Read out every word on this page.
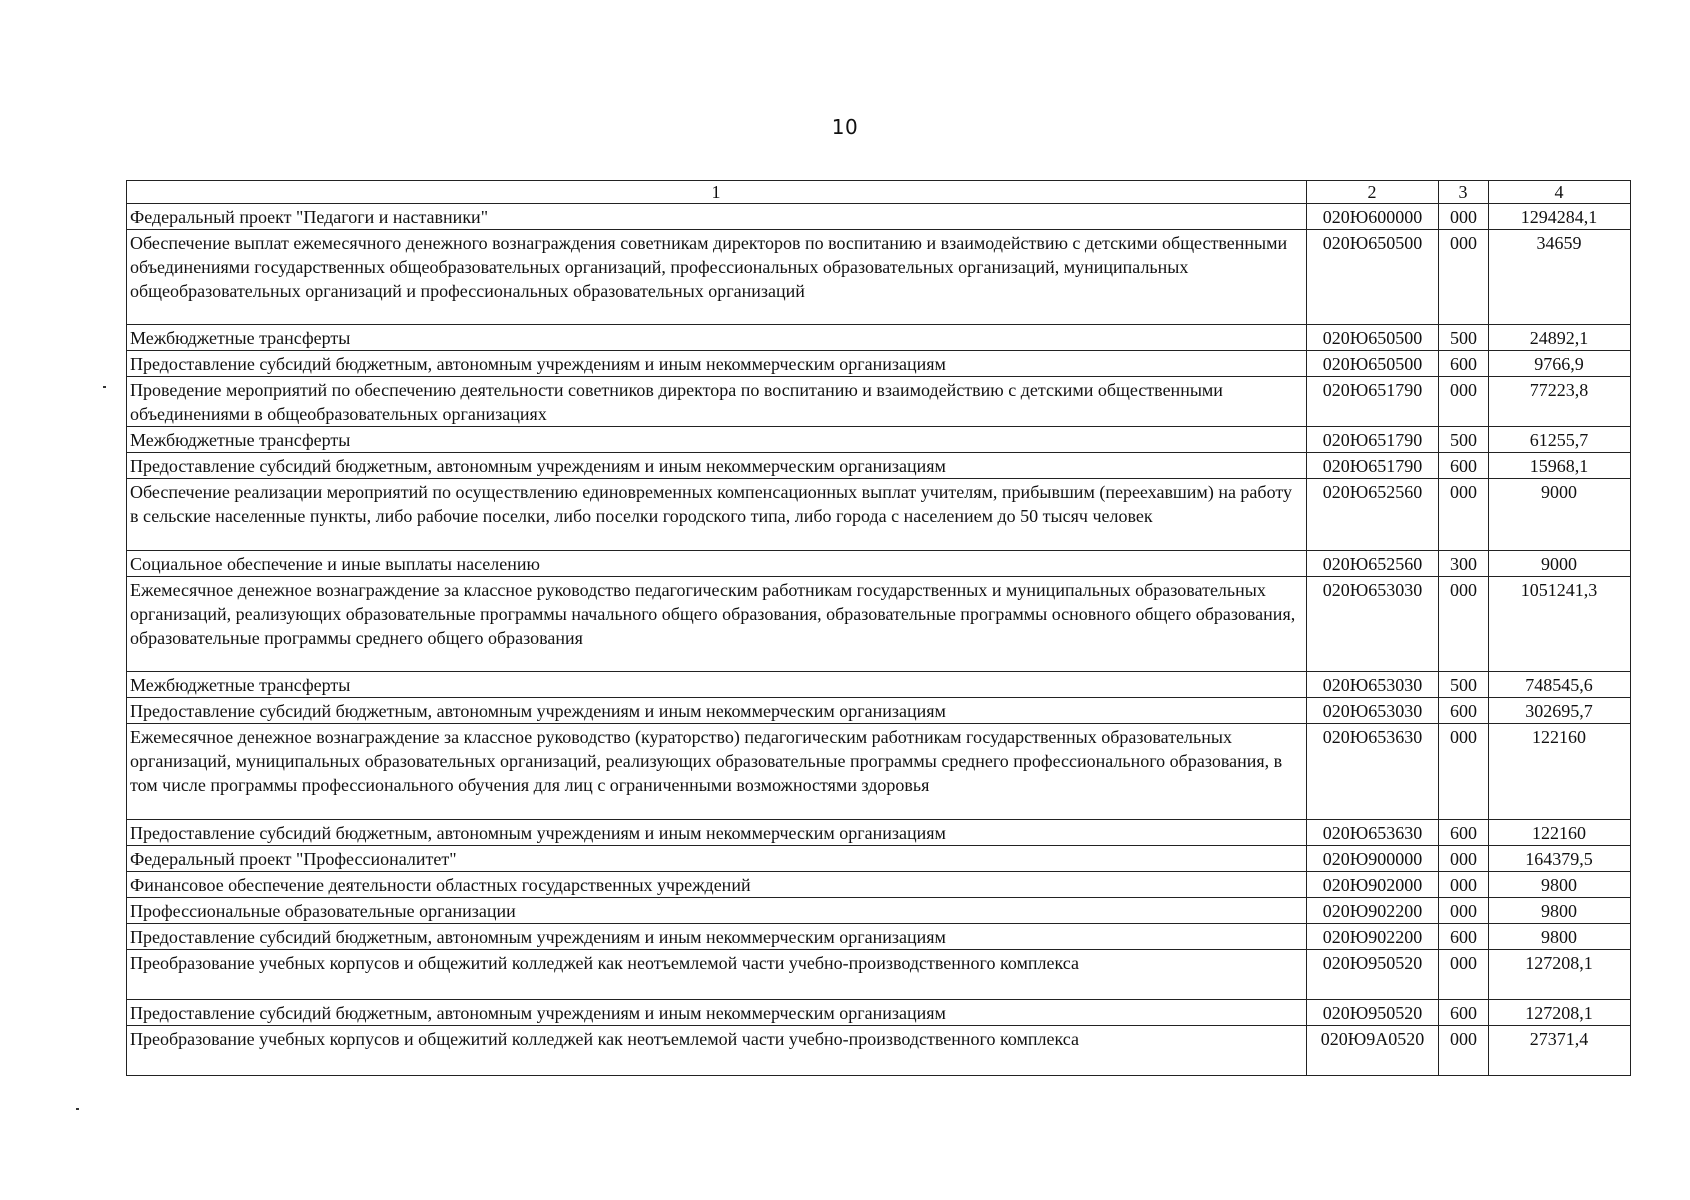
10
1	2	3	4
Федеральный проект "Педагоги и наставники"	020Ю600000	000	1294284,1
Обеспечение выплат ежемесячного денежного вознаграждения советникам директоров по воспитанию и взаимодействию с детскими общественными объединениями государственных общеобразовательных организаций, профессиональных образовательных организаций, муниципальных общеобразовательных организаций и профессиональных образовательных организаций	020Ю650500	000	34659
Межбюджетные трансферты	020Ю650500	500	24892,1
Предоставление субсидий бюджетным, автономным учреждениям и иным некоммерческим организациям	020Ю650500	600	9766,9
Проведение мероприятий по обеспечению деятельности советников директора по воспитанию и взаимодействию с детскими общественными объединениями в общеобразовательных организациях	020Ю651790	000	77223,8
Межбюджетные трансферты	020Ю651790	500	61255,7
Предоставление субсидий бюджетным, автономным учреждениям и иным некоммерческим организациям	020Ю651790	600	15968,1
Обеспечение реализации мероприятий по осуществлению единовременных компенсационных выплат учителям, прибывшим (переехавшим) на работу в сельские населенные пункты, либо рабочие поселки, либо поселки городского типа, либо города с населением до 50 тысяч человек	020Ю652560	000	9000
Социальное обеспечение и иные выплаты населению	020Ю652560	300	9000
Ежемесячное денежное вознаграждение за классное руководство педагогическим работникам государственных и муниципальных образовательных организаций, реализующих образовательные программы начального общего образования, образовательные программы основного общего образования, образовательные программы среднего общего образования	020Ю653030	000	1051241,3
Межбюджетные трансферты	020Ю653030	500	748545,6
Предоставление субсидий бюджетным, автономным учреждениям и иным некоммерческим организациям	020Ю653030	600	302695,7
Ежемесячное денежное вознаграждение за классное руководство (кураторство) педагогическим работникам государственных образовательных организаций, муниципальных образовательных организаций, реализующих образовательные программы среднего профессионального образования, в том числе программы профессионального обучения для лиц с ограниченными возможностями здоровья	020Ю653630	000	122160
Предоставление субсидий бюджетным, автономным учреждениям и иным некоммерческим организациям	020Ю653630	600	122160
Федеральный проект "Профессионалитет"	020Ю900000	000	164379,5
Финансовое обеспечение деятельности областных государственных учреждений	020Ю902000	000	9800
Профессиональные образовательные организации	020Ю902200	000	9800
Предоставление субсидий бюджетным, автономным учреждениям и иным некоммерческим организациям	020Ю902200	600	9800
Преобразование учебных корпусов и общежитий колледжей как неотъемлемой части учебно-производственного комплекса	020Ю950520	000	127208,1
Предоставление субсидий бюджетным, автономным учреждениям и иным некоммерческим организациям	020Ю950520	600	127208,1
Преобразование учебных корпусов и общежитий колледжей как неотъемлемой части учебно-производственного комплекса	020Ю9А0520	000	27371,4
